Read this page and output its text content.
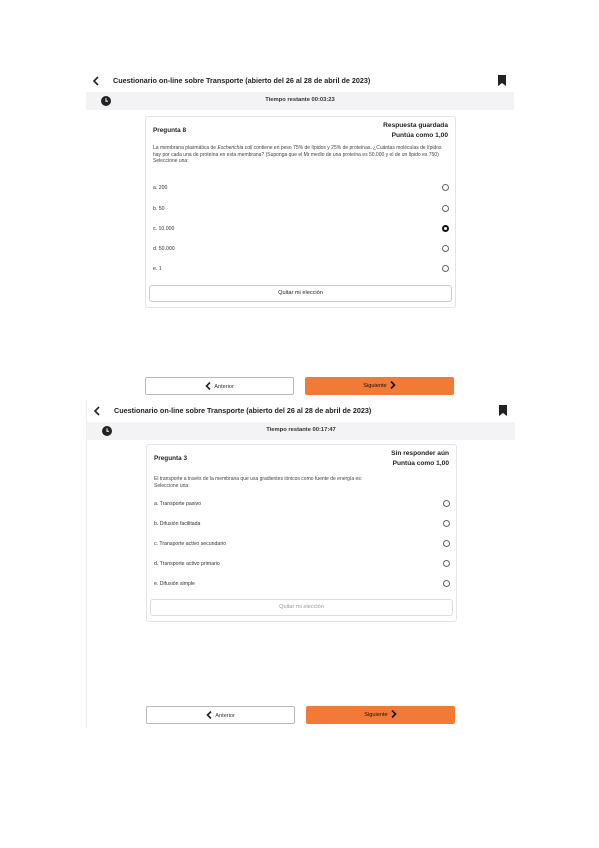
Cuestionario on-line sobre Transporte (abierto del 26 al 28 de abril de 2023)
Tiempo restante 00:03:23
Pregunta 8
Respuesta guardada
Puntúa como 1,00
La membrana plasmática de Escherichia coli contiene en peso 75% de lípidos y 25% de proteínas. ¿Cuántas moléculas de lípidos hay por cada una de proteína en esta membrana? (Suponga que el Mr medio de una proteína es 50.000 y el de un lípido es 750)
Seleccione una:
a. 200
b. 50
c. 10.000
d. 50.000
e. 1
Quitar mi elección
Anterior	Siguiente
Cuestionario on-line sobre Transporte (abierto del 26 al 28 de abril de 2023)
Tiempo restante 00:17:47
Pregunta 3
Sin responder aún
Puntúa como 1,00
El transporte a través de la membrana que usa gradientes iónicos como fuente de energía es:
Seleccione una:
a. Transporte pasivo
b. Difusión facilitada
c. Transporte activo secundario
d. Transporte activo primario
e. Difusión simple
Quitar mi elección
Anterior	Siguiente
